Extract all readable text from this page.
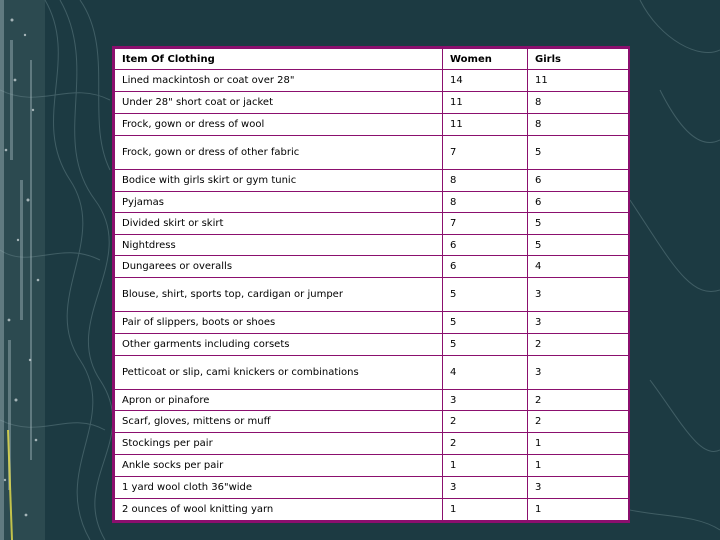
Item Of Clothing	Women	Girls
Lined mackintosh or coat over 28"	14	11
Under 28" short coat or jacket	11	8
Frock, gown or dress of wool	11	8
Frock, gown or dress of other fabric	7	5
Bodice with girls skirt or gym tunic	8	6
Pyjamas	8	6
Divided skirt or skirt	7	5
Nightdress	6	5
Dungarees or overalls	6	4
Blouse, shirt, sports top, cardigan or jumper	5	3
Pair of slippers, boots or shoes	5	3
Other garments including corsets	5	2
Petticoat or slip, cami knickers or combinations	4	3
Apron or pinafore	3	2
Scarf, gloves, mittens or muff	2	2
Stockings per pair	2	1
Ankle socks per pair	1	1
1 yard wool cloth 36"wide	3	3
2 ounces of wool knitting yarn	1	1
